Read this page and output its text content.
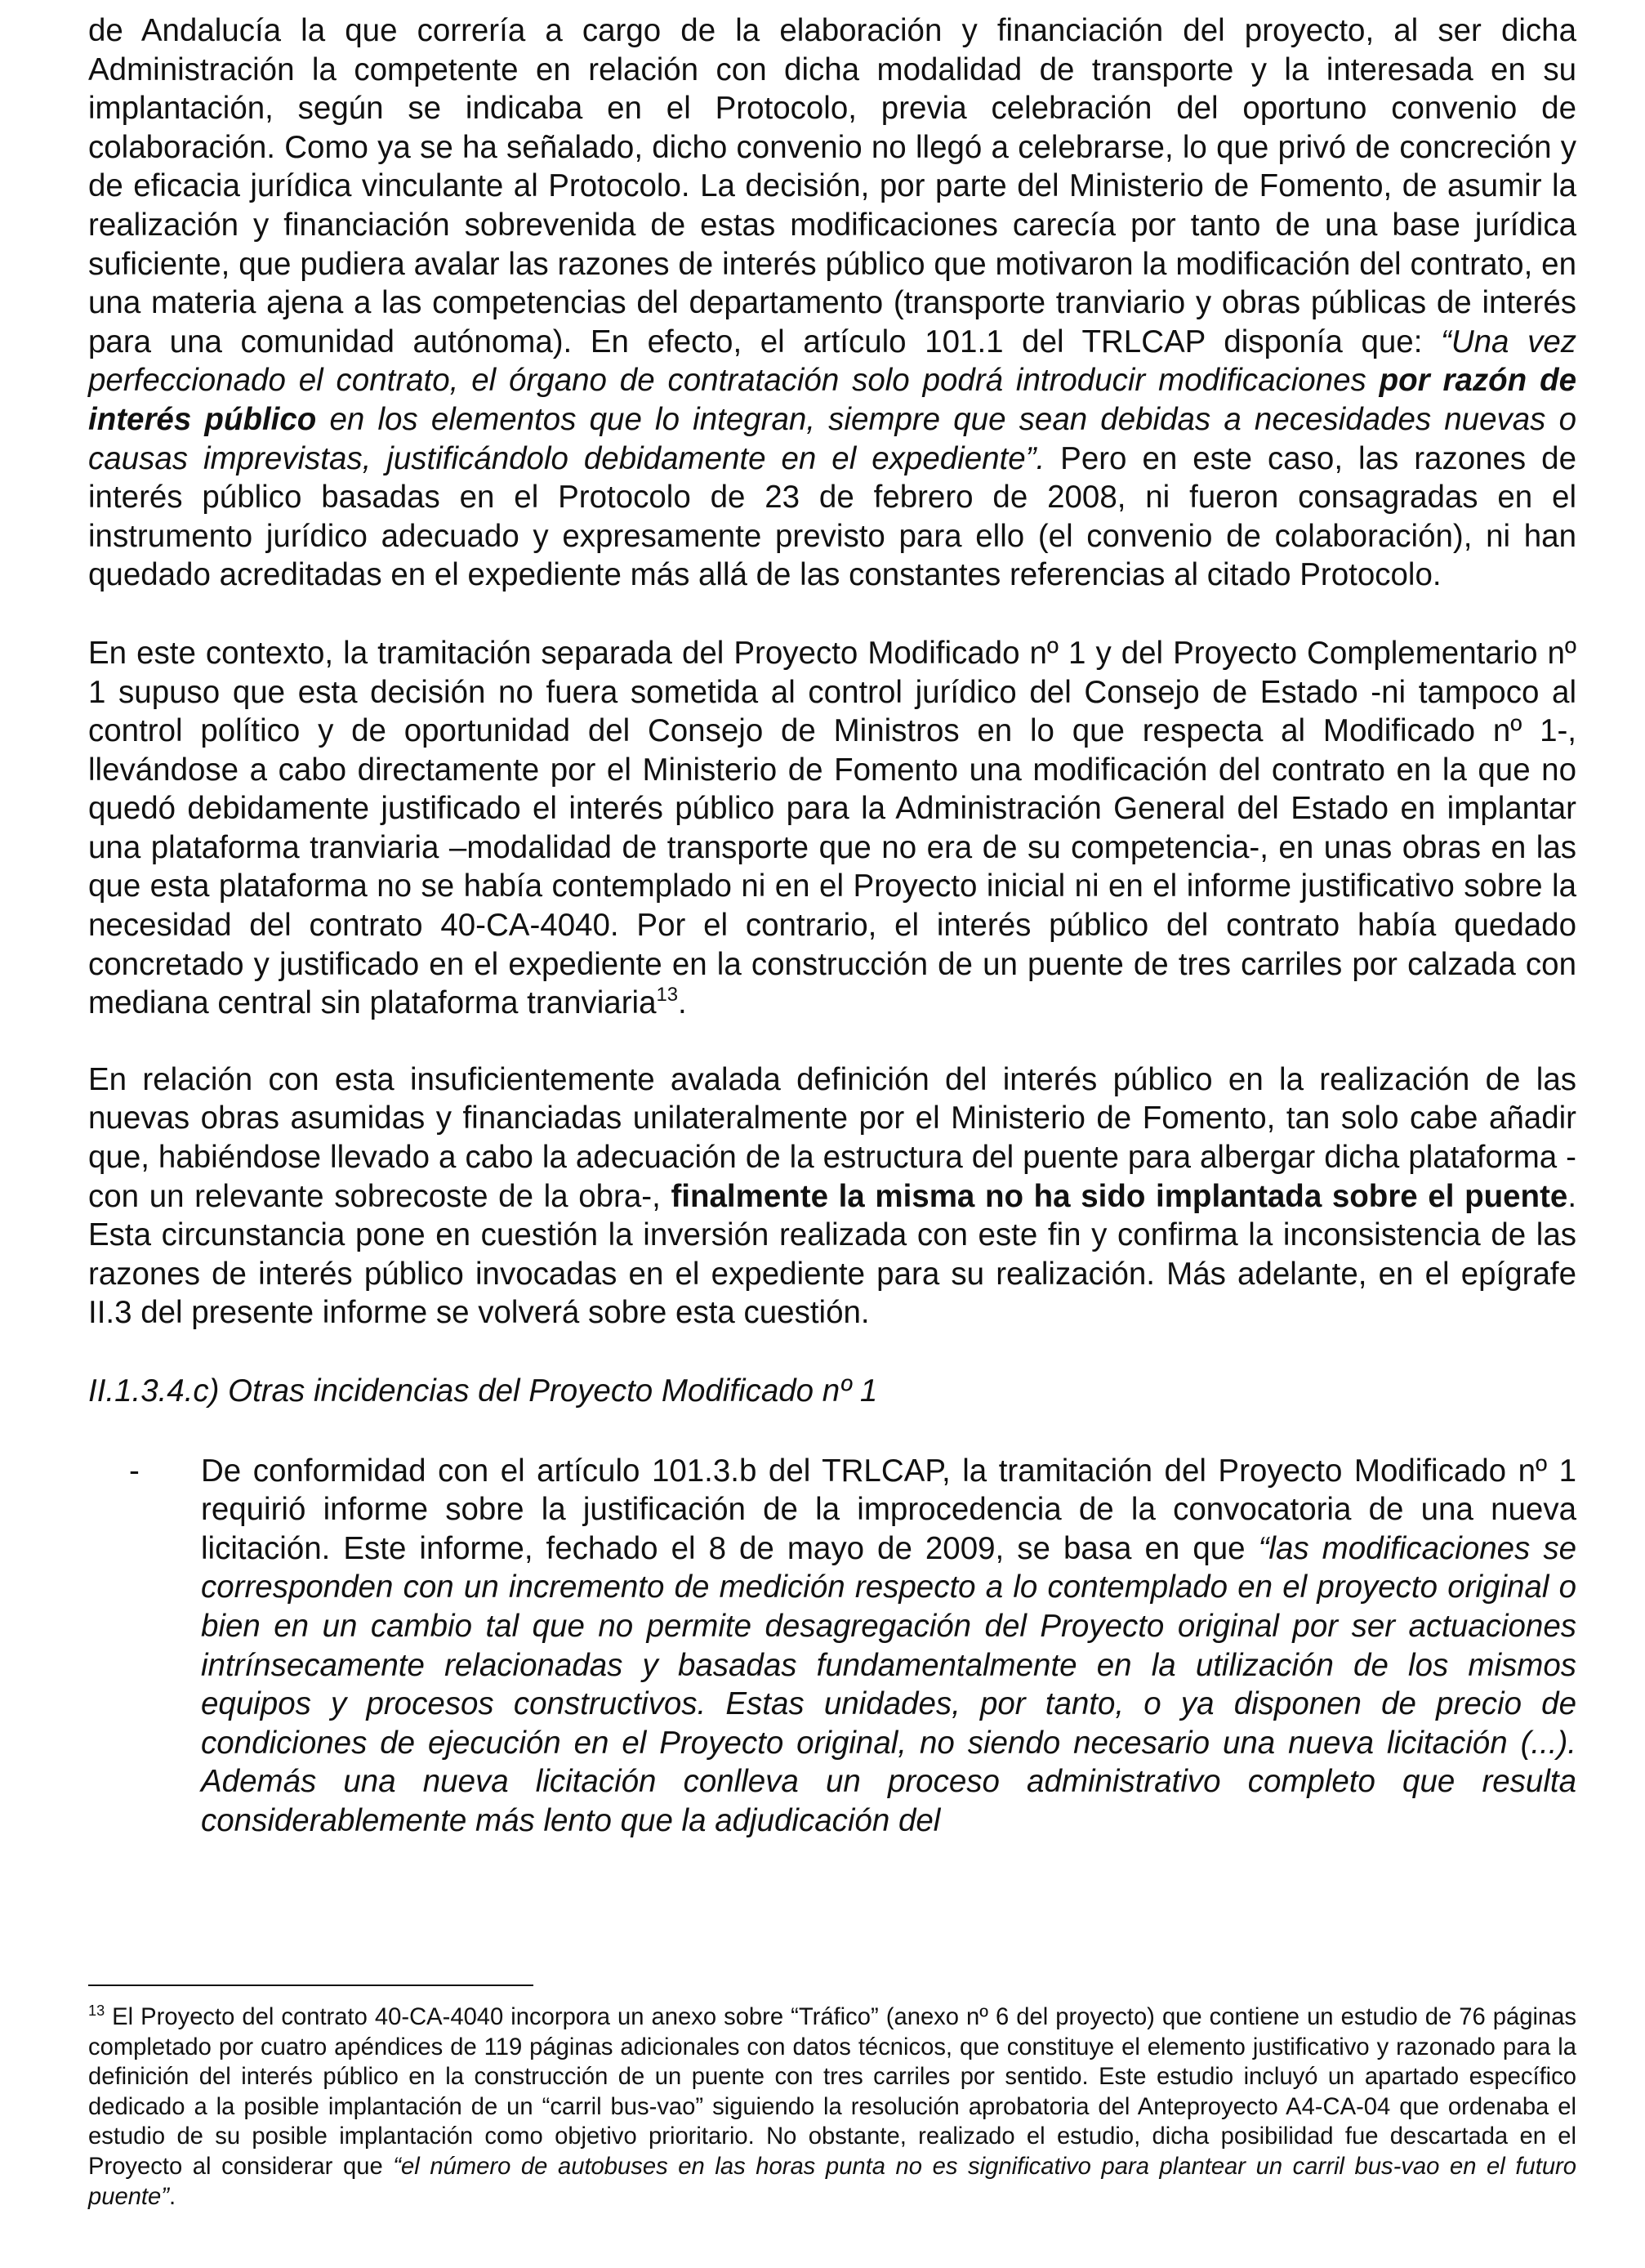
de Andalucía la que correría a cargo de la elaboración y financiación del proyecto, al ser dicha Administración la competente en relación con dicha modalidad de transporte y la interesada en su implantación, según se indicaba en el Protocolo, previa celebración del oportuno convenio de colaboración. Como ya se ha señalado, dicho convenio no llegó a celebrarse, lo que privó de concreción y de eficacia jurídica vinculante al Protocolo. La decisión, por parte del Ministerio de Fomento, de asumir la realización y financiación sobrevenida de estas modificaciones carecía por tanto de una base jurídica suficiente, que pudiera avalar las razones de interés público que motivaron la modificación del contrato, en una materia ajena a las competencias del departamento (transporte tranviario y obras públicas de interés para una comunidad autónoma). En efecto, el artículo 101.1 del TRLCAP disponía que: “Una vez perfeccionado el contrato, el órgano de contratación solo podrá introducir modificaciones por razón de interés público en los elementos que lo integran, siempre que sean debidas a necesidades nuevas o causas imprevistas, justificándolo debidamente en el expediente”. Pero en este caso, las razones de interés público basadas en el Protocolo de 23 de febrero de 2008, ni fueron consagradas en el instrumento jurídico adecuado y expresamente previsto para ello (el convenio de colaboración), ni han quedado acreditadas en el expediente más allá de las constantes referencias al citado Protocolo.

En este contexto, la tramitación separada del Proyecto Modificado nº 1 y del Proyecto Complementario nº 1 supuso que esta decisión no fuera sometida al control jurídico del Consejo de Estado -ni tampoco al control político y de oportunidad del Consejo de Ministros en lo que respecta al Modificado nº 1-, llevándose a cabo directamente por el Ministerio de Fomento una modificación del contrato en la que no quedó debidamente justificado el interés público para la Administración General del Estado en implantar una plataforma tranviaria –modalidad de transporte que no era de su competencia-, en unas obras en las que esta plataforma no se había contemplado ni en el Proyecto inicial ni en el informe justificativo sobre la necesidad del contrato 40-CA-4040. Por el contrario, el interés público del contrato había quedado concretado y justificado en el expediente en la construcción de un puente de tres carriles por calzada con mediana central sin plataforma tranviaria$^{13}$.

En relación con esta insuficientemente avalada definición del interés público en la realización de las nuevas obras asumidas y financiadas unilateralmente por el Ministerio de Fomento, tan solo cabe añadir que, habiéndose llevado a cabo la adecuación de la estructura del puente para albergar dicha plataforma -con un relevante sobrecoste de la obra-, finalmente la misma no ha sido implantada sobre el puente. Esta circunstancia pone en cuestión la inversión realizada con este fin y confirma la inconsistencia de las razones de interés público invocadas en el expediente para su realización. Más adelante, en el epígrafe II.3 del presente informe se volverá sobre esta cuestión.

II.1.3.4.c) Otras incidencias del Proyecto Modificado nº 1

- De conformidad con el artículo 101.3.b del TRLCAP, la tramitación del Proyecto Modificado nº 1 requirió informe sobre la justificación de la improcedencia de la convocatoria de una nueva licitación. Este informe, fechado el 8 de mayo de 2009, se basa en que “las modificaciones se corresponden con un incremento de medición respecto a lo contemplado en el proyecto original o bien en un cambio tal que no permite desagregación del Proyecto original por ser actuaciones intrínsecamente relacionadas y basadas fundamentalmente en la utilización de los mismos equipos y procesos constructivos. Estas unidades, por tanto, o ya disponen de precio de condiciones de ejecución en el Proyecto original, no siendo necesario una nueva licitación (...). Además una nueva licitación conlleva un proceso administrativo completo que resulta considerablemente más lento que la adjudicación del

$^{13}$ El Proyecto del contrato 40-CA-4040 incorpora un anexo sobre “Tráfico” (anexo nº 6 del proyecto) que contiene un estudio de 76 páginas completado por cuatro apéndices de 119 páginas adicionales con datos técnicos, que constituye el elemento justificativo y razonado para la definición del interés público en la construcción de un puente con tres carriles por sentido. Este estudio incluyó un apartado específico dedicado a la posible implantación de un “carril bus-vao” siguiendo la resolución aprobatoria del Anteproyecto A4-CA-04 que ordenaba el estudio de su posible implantación como objetivo prioritario. No obstante, realizado el estudio, dicha posibilidad fue descartada en el Proyecto al considerar que “el número de autobuses en las horas punta no es significativo para plantear un carril bus-vao en el futuro puente”.
